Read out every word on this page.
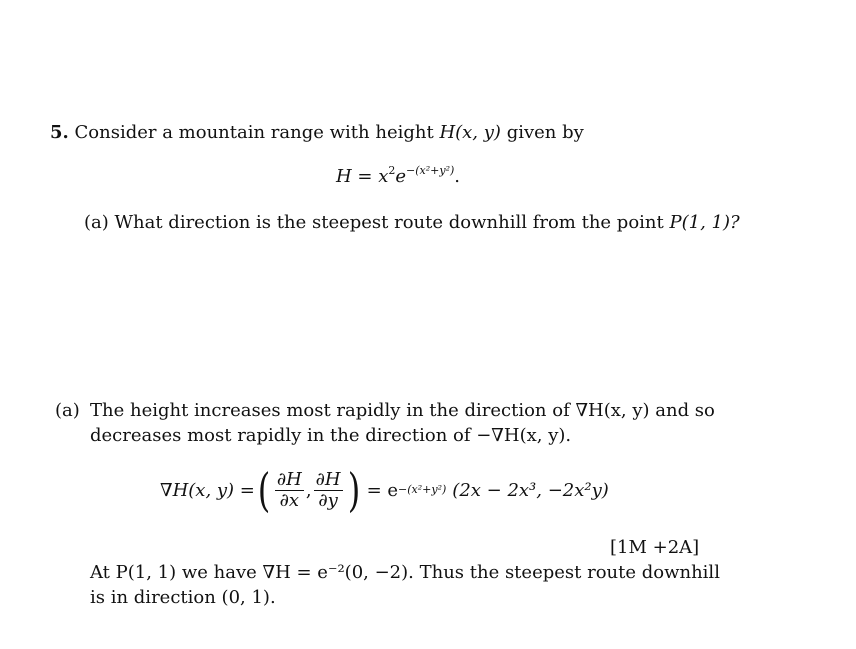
5. Consider a mountain range with height H(x, y) given by
$H = x^2e^{-(x^2+y^2)}$.
(a) What direction is the steepest route downhill from the point P(1, 1)?
(a) The height increases most rapidly in the direction of ∇H(x, y) and so
decreases most rapidly in the direction of −∇H(x, y).
∇H(x, y) = ( $\frac{\partial H}{\partial x}$ , $\frac{\partial H}{\partial y}$ ) = e −(x²+y²) (2x − 2x³, −2x²y)
[1M +2A]
At P(1, 1) we have ∇H = e⁻²(0, −2). Thus the steepest route downhill
is in direction (0, 1).
